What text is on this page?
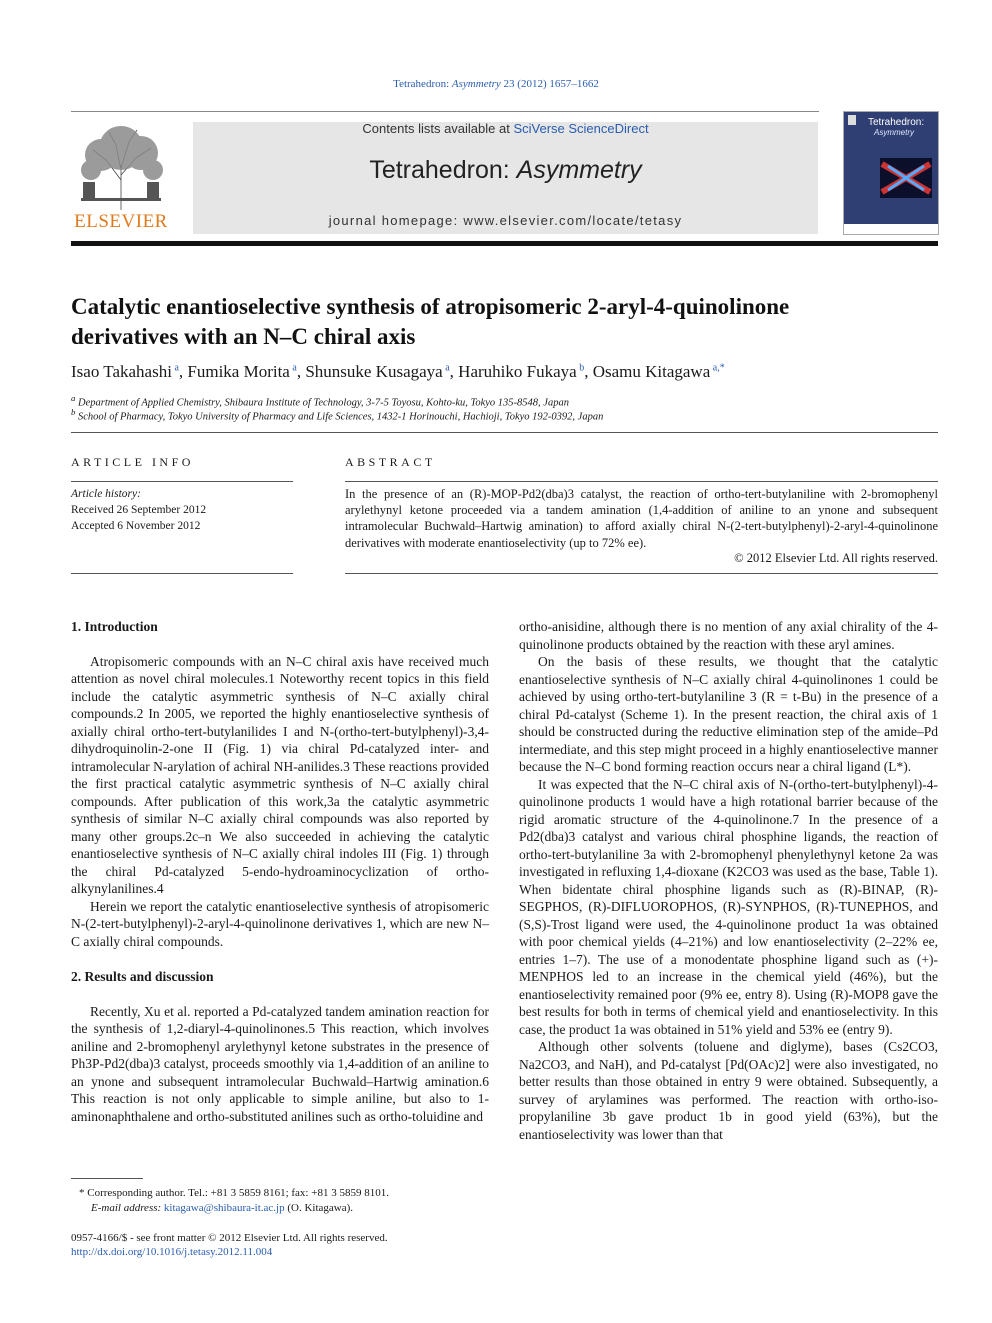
Tetrahedron: Asymmetry 23 (2012) 1657–1662
ELSEVIER
Contents lists available at SciVerse ScienceDirect
Tetrahedron: Asymmetry
journal homepage: www.elsevier.com/locate/tetasy
Tetrahedron:
Asymmetry
Catalytic enantioselective synthesis of atropisomeric 2-aryl-4-quinolinone
derivatives with an N–C chiral axis
Isao Takahashi $^a$, Fumika Morita $^a$, Shunsuke Kusagaya $^a$, Haruhiko Fukaya $^b$, Osamu Kitagawa $^{a,*}$
$^a$ Department of Applied Chemistry, Shibaura Institute of Technology, 3-7-5 Toyosu, Kohto-ku, Tokyo 135-8548, Japan
$^b$ School of Pharmacy, Tokyo University of Pharmacy and Life Sciences, 1432-1 Horinouchi, Hachioji, Tokyo 192-0392, Japan
ARTICLE INFO
Article history:
Received 26 September 2012
Accepted 6 November 2012
ABSTRACT
In the presence of an (R)-MOP-Pd2(dba)3 catalyst, the reaction of ortho-tert-butylaniline with 2-bromophenyl arylethynyl ketone proceeded via a tandem amination (1,4-addition of aniline to an ynone and subsequent intramolecular Buchwald–Hartwig amination) to afford axially chiral N-(2-tert-butylphenyl)-2-aryl-4-quinolinone derivatives with moderate enantioselectivity (up to 72% ee).
© 2012 Elsevier Ltd. All rights reserved.
1. Introduction

Atropisomeric compounds with an N–C chiral axis have received much attention as novel chiral molecules.1 Noteworthy recent topics in this field include the catalytic asymmetric synthesis of N–C axially chiral compounds.2 In 2005, we reported the highly enantioselective synthesis of axially chiral ortho-tert-butylanilides I and N-(ortho-tert-butylphenyl)-3,4-dihydroquinolin-2-one II (Fig. 1) via chiral Pd-catalyzed inter- and intramolecular N-arylation of achiral NH-anilides.3 These reactions provided the first practical catalytic asymmetric synthesis of N–C axially chiral compounds. After publication of this work,3a the catalytic asymmetric synthesis of similar N–C axially chiral compounds was also reported by many other groups.2c–n We also succeeded in achieving the catalytic enantioselective synthesis of N–C axially chiral indoles III (Fig. 1) through the chiral Pd-catalyzed 5-endo-hydroaminocyclization of ortho-alkynylanilines.4

Herein we report the catalytic enantioselective synthesis of atropisomeric N-(2-tert-butylphenyl)-2-aryl-4-quinolinone derivatives 1, which are new N–C axially chiral compounds.

2. Results and discussion

Recently, Xu et al. reported a Pd-catalyzed tandem amination reaction for the synthesis of 1,2-diaryl-4-quinolinones.5 This reaction, which involves aniline and 2-bromophenyl arylethynyl ketone substrates in the presence of Ph3P-Pd2(dba)3 catalyst, proceeds smoothly via 1,4-addition of an aniline to an ynone and subsequent intramolecular Buchwald–Hartwig amination.6 This reaction is not only applicable to simple aniline, but also to 1-aminonaphthalene and ortho-substituted anilines such as ortho-toluidine and

ortho-anisidine, although there is no mention of any axial chirality of the 4-quinolinone products obtained by the reaction with these aryl amines.

On the basis of these results, we thought that the catalytic enantioselective synthesis of N–C axially chiral 4-quinolinones 1 could be achieved by using ortho-tert-butylaniline 3 (R = t-Bu) in the presence of a chiral Pd-catalyst (Scheme 1). In the present reaction, the chiral axis of 1 should be constructed during the reductive elimination step of the amide–Pd intermediate, and this step might proceed in a highly enantioselective manner because the N–C bond forming reaction occurs near a chiral ligand (L*).

It was expected that the N–C chiral axis of N-(ortho-tert-butylphenyl)-4-quinolinone products 1 would have a high rotational barrier because of the rigid aromatic structure of the 4-quinolinone.7 In the presence of a Pd2(dba)3 catalyst and various chiral phosphine ligands, the reaction of ortho-tert-butylaniline 3a with 2-bromophenyl phenylethynyl ketone 2a was investigated in refluxing 1,4-dioxane (K2CO3 was used as the base, Table 1). When bidentate chiral phosphine ligands such as (R)-BINAP, (R)-SEGPHOS, (R)-DIFLUOROPHOS, (R)-SYNPHOS, (R)-TUNEPHOS, and (S,S)-Trost ligand were used, the 4-quinolinone product 1a was obtained with poor chemical yields (4–21%) and low enantioselectivity (2–22% ee, entries 1–7). The use of a monodentate phosphine ligand such as (+)-MENPHOS led to an increase in the chemical yield (46%), but the enantioselectivity remained poor (9% ee, entry 8). Using (R)-MOP8 gave the best results for both in terms of chemical yield and enantioselectivity. In this case, the product 1a was obtained in 51% yield and 53% ee (entry 9).

Although other solvents (toluene and diglyme), bases (Cs2CO3, Na2CO3, and NaH), and Pd-catalyst [Pd(OAc)2] were also investigated, no better results than those obtained in entry 9 were obtained. Subsequently, a survey of arylamines was performed. The reaction with ortho-iso-propylaniline 3b gave product 1b in good yield (63%), but the enantioselectivity was lower than that

* Corresponding author. Tel.: +81 3 5859 8161; fax: +81 3 5859 8101.
E-mail address: kitagawa@shibaura-it.ac.jp (O. Kitagawa).
0957-4166/$ - see front matter © 2012 Elsevier Ltd. All rights reserved.
http://dx.doi.org/10.1016/j.tetasy.2012.11.004
